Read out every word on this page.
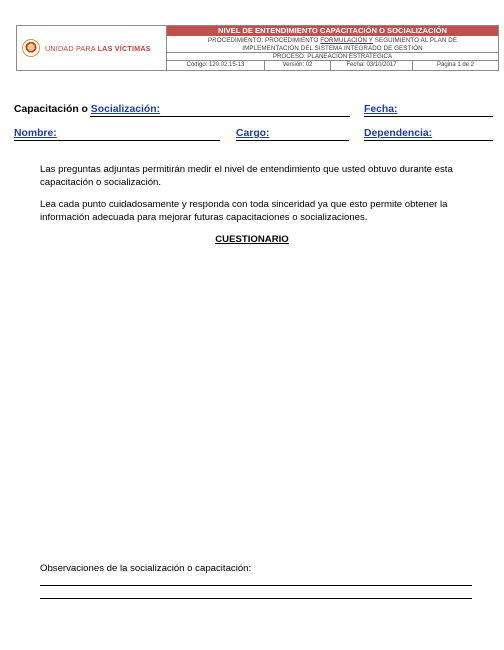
UNIDAD PARA LAS VÍCTIMAS
NIVEL DE ENTENDIMIENTO CAPACITACIÓN O SOCIALIZACIÓN
PROCEDIMIENTO: PROCEDIMIENTO FORMULACIÓN Y SEGUIMIENTO AL PLAN DE
IMPLEMENTACIÓN DEL SISTEMA INTEGRADO DE GESTIÓN
PROCESO: PLANEACIÓN ESTRATEGICA
Código: 120.02.15-13	Versión: 02	Fecha: 03/10/2017	Página 1 de 2
Capacitación o Socialización:	Fecha:
Nombre:	Cargo:	Dependencia:
Las preguntas adjuntas permitirán medir el nivel de entendimiento que usted obtuvo durante esta capacitación o socialización.
Lea cada punto cuidadosamente y responda con toda sinceridad ya que esto permite obtener la información adecuada para mejorar futuras capacitaciones o socializaciones.
CUESTIONARIO
Observaciones de la socialización o capacitación:
